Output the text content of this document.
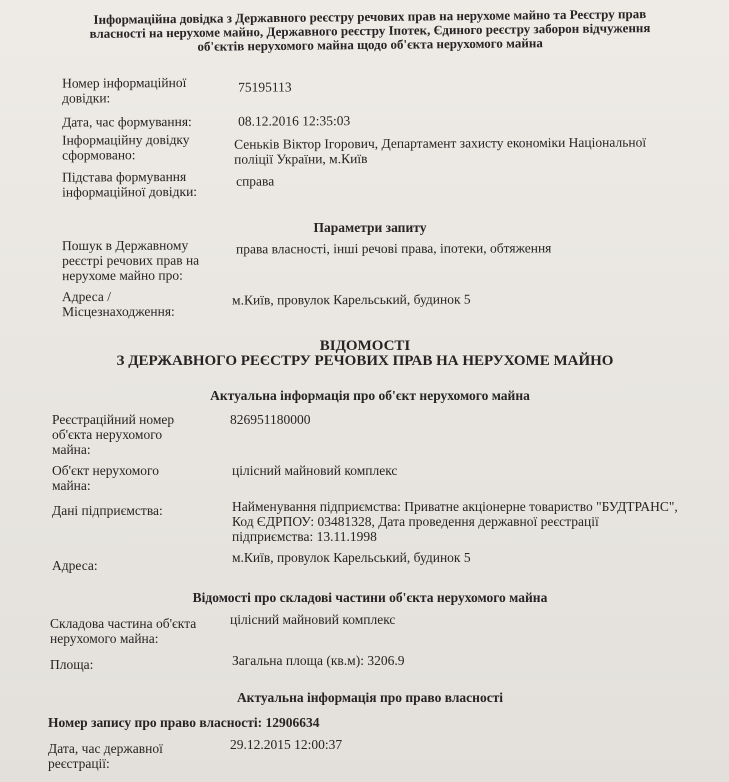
Інформаційна довідка з Державного реєстру речових прав на нерухоме майно та Реєстру прав власності на нерухоме майно, Державного реєстру Іпотек, Єдиного реєстру заборон відчуження об'єктів нерухомого майна щодо об'єкта нерухомого майна
Номер інформаційної довідки:
75195113
Дата, час формування:	08.12.2016 12:35:03
Інформаційну довідку сформовано:
Сеньків Віктор Ігорович, Департамент захисту економіки Національної поліції України, м.Київ
Підстава формування інформаційної довідки:
справа
Параметри запиту
Пошук в Державному реєстрі речових прав на нерухоме майно про:
права власності, інші речові права, іпотеки, обтяження
Адреса / Місцезнаходження:
м.Київ, провулок Карельський, будинок 5
ВІДОМОСТІ
З ДЕРЖАВНОГО РЕЄСТРУ РЕЧОВИХ ПРАВ НА НЕРУХОМЕ МАЙНО
Актуальна інформація про об'єкт нерухомого майна
Реєстраційний номер об'єкта нерухомого майна:
826951180000
Об'єкт нерухомого майна:
цілісний майновий комплекс
Дані підприємства:	Найменування підприємства: Приватне акціонерне товариство "БУДТРАНС", Код ЄДРПОУ: 03481328, Дата проведення державної реєстрації підприємства: 13.11.1998
Адреса:
м.Київ, провулок Карельський, будинок 5
Відомості про складові частини об'єкта нерухомого майна
Складова частина об'єкта нерухомого майна:
цілісний майновий комплекс
Площа:	Загальна площа (кв.м): 3206.9
Актуальна інформація про право власності
Номер запису про право власності: 12906634
Дата, час державної реєстрації:
29.12.2015 12:00:37
